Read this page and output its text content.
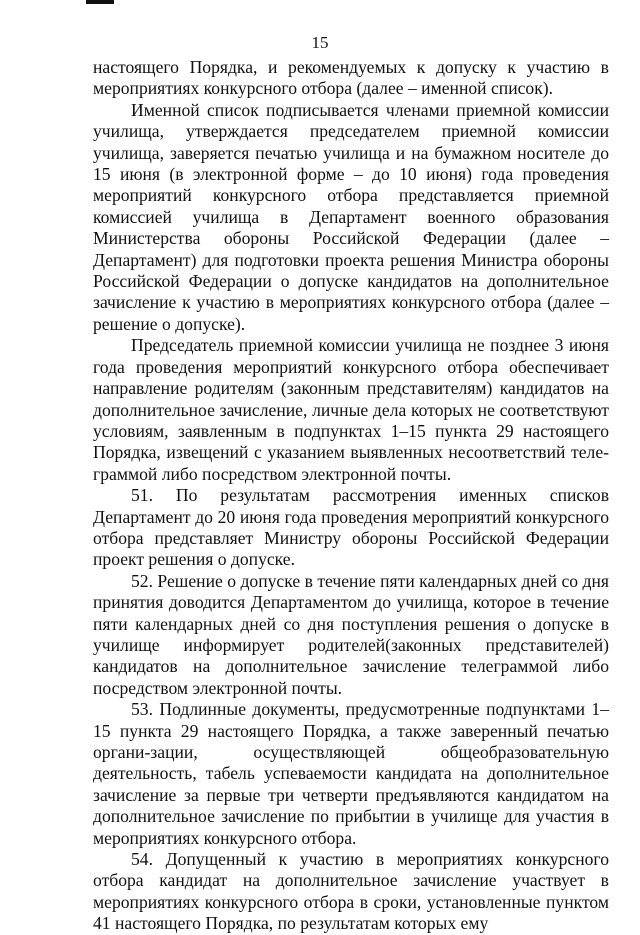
15

настоящего Порядка, и рекомендуемых к допуску к участию в мероприятиях конкурсного отбора (далее – именной список).

Именной список подписывается членами приемной комиссии училища, утверждается председателем приемной комиссии училища, заверяется печатью училища и на бумажном носителе до 15 июня (в электронной форме – до 10 июня) года проведения мероприятий конкурсного отбора представляется приемной комиссией училища в Департамент военного образования Министерства обороны Российской Федерации (далее – Департамент) для подготовки проекта решения Министра обороны Российской Федерации о допуске кандидатов на дополнительное зачисление к участию в мероприятиях конкурсного отбора (далее – решение о допуске).

Председатель приемной комиссии училища не позднее 3 июня года проведения мероприятий конкурсного отбора обеспечивает направление родителям (законным представителям) кандидатов на дополнительное зачисление, личные дела которых не соответствуют условиям, заявленным в подпунктах 1–15 пункта 29 настоящего Порядка, извещений с указанием выявленных несоответствий теле-граммой либо посредством электронной почты.

51. По результатам рассмотрения именных списков Департамент до 20 июня года проведения мероприятий конкурсного отбора представляет Министру обороны Российской Федерации проект решения о допуске.

52. Решение о допуске в течение пяти календарных дней со дня принятия доводится Департаментом до училища, которое в течение пяти календарных дней со дня поступления решения о допуске в училище информирует родителей(законных представителей) кандидатов на дополнительное зачисление телеграммой либо посредством электронной почты.

53. Подлинные документы, предусмотренные подпунктами 1–15 пункта 29 настоящего Порядка, а также заверенный печатью органи-зации, осуществляющей общеобразовательную деятельность, табель успеваемости кандидата на дополнительное зачисление за первые три четверти предъявляются кандидатом на дополнительное зачисление по прибытии в училище для участия в мероприятиях конкурсного отбора.

54. Допущенный к участию в мероприятиях конкурсного отбора кандидат на дополнительное зачисление участвует в мероприятиях конкурсного отбора в сроки, установленные пунктом 41 настоящего Порядка, по результатам которых ему
